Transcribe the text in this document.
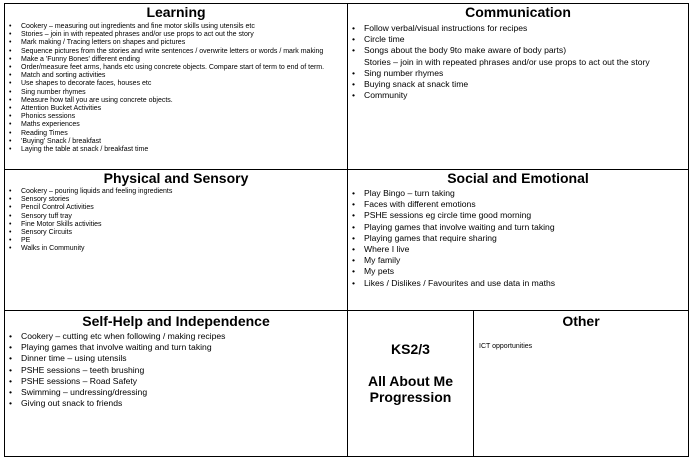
Learning
• Cookery – measuring out ingredients and fine motor skills using utensils etc
• Stories – join in with repeated phrases and/or use props to act out the story
• Mark making / Tracing letters on shapes and pictures
• Sequence pictures from the stories and write sentences / overwrite letters or words / mark making
• Make a 'Funny Bones' different ending
• Order/measure feet arms, hands etc using concrete objects. Compare start of term to end of term.
• Match and sorting activities
• Use shapes to decorate faces, houses etc
• Sing number rhymes
• Measure how tall you are using concrete objects.
• Attention Bucket Activities
• Phonics sessions
• Maths experiences
• Reading Times
• 'Buying' Snack / breakfast
• Laying the table at snack / breakfast time
Communication
• Follow verbal/visual instructions for recipes
• Circle time
• Songs about the body 9to make aware of body parts)
Stories – join in with repeated phrases and/or use props to act out the story
• Sing number rhymes
• Buying snack at snack time
• Community
Physical and Sensory
• Cookery – pouring liquids and feeling ingredients
• Sensory stories
• Pencil Control Activities
• Sensory tuff tray
• Fine Motor Skills activities
• Sensory Circuits
• PE
• Walks in Community
Social and Emotional
• Play Bingo – turn taking
• Faces with different emotions
• PSHE sessions eg circle time good morning
• Playing games that involve waiting and turn taking
• Playing games that require sharing
• Where I live
• My family
• My pets
• Likes / Dislikes / Favourites and use data in maths
Self-Help and Independence
• Cookery – cutting etc when following / making recipes
• Playing games that involve waiting and turn taking
• Dinner time – using utensils
• PSHE sessions – teeth brushing
• PSHE sessions – Road Safety
• Swimming – undressing/dressing
• Giving out snack to friends
KS2/3
All About Me
Progression
Other
ICT opportunities
